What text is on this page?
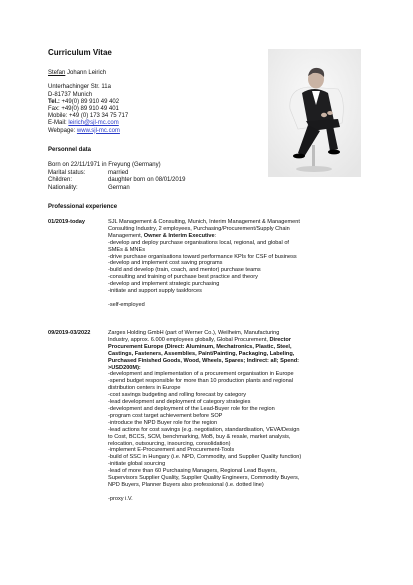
Curriculum Vitae
Stefan Johann Leirich
Unterhachinger Str. 11a
D-81737 Munich
Tel.: +49(0) 89 910 49 402
Fax: +49(0) 89 910 49 401
Mobile: +49 (0) 173 34 75 717
E-Mail: leirich@sjl-mc.com
Webpage: www.sjl-mc.com
Personnel data
Born on 22/11/1971 in Freyung (Germany)
Marital status:	married
Children:	daughter born on 08/01/2019
Nationality:	German
Professional experience
01/2019-today	SJL Management & Consulting, Munich, Interim Management & Management
Consulting Industry, 2 employees, Purchasing/Procurement/Supply Chain
Management, Owner & Interim Executive:
-develop and deploy purchase organisations local, regional, and global of
SMEs & MNEs
-drive purchase organisations toward performance KPIs for CSF of business
-develop and implement cost saving programs
-build and develop (train, coach, and mentor) purchase teams
-consulting and training of purchase best practice and theory
-develop and implement strategic purchasing
-initiate and support supply taskforces
-self-employed
09/2019-03/2022	Zarges Holding GmbH (part of Werner Co.), Weilheim, Manufacturing
Industry, approx. 6.000 employees globally, Global Procurement, Director
Procurement Europe (Direct: Aluminum, Mechatronics, Plastic, Steel,
Castings, Fasteners, Assemblies, Paint/Painting, Packaging, Labeling,
Purchased Finished Goods, Wood, Wheels, Spares; Indirect: all; Spend:
>USD200M):
-development and implementation of a procurement organisation in Europe
-spend budget responsible for more than 10 production plants and regional
distribution centers in Europe
-cost savings budgeting and rolling forecast by category
-lead development and deployment of category strategies
-development and deployment of the Lead-Buyer role for the region
-program cost target achievement before SOP
-introduce the NPD Buyer role for the region
-lead actions for cost savings (e.g. negotiation, standardisation, VEVA/Design
to Cost, BCCS, SCM, benchmarking, MoB, buy & resale, market analysis,
relocation, outsourcing, insourcing, consolidation)
-implement E-Procurement and Procurement-Tools
-build of SSC in Hungary (i.e. NPD, Commodity, and Supplier Quality function)
-initiate global sourcing
-lead of more than 60 Purchasing Managers, Regional Lead Buyers,
Supervisors Supplier Quality, Supplier Quality Engineers, Commodity Buyers,
NPD Buyers, Planner Buyers also professional (i.e. dotted line)
-proxy i.V.
